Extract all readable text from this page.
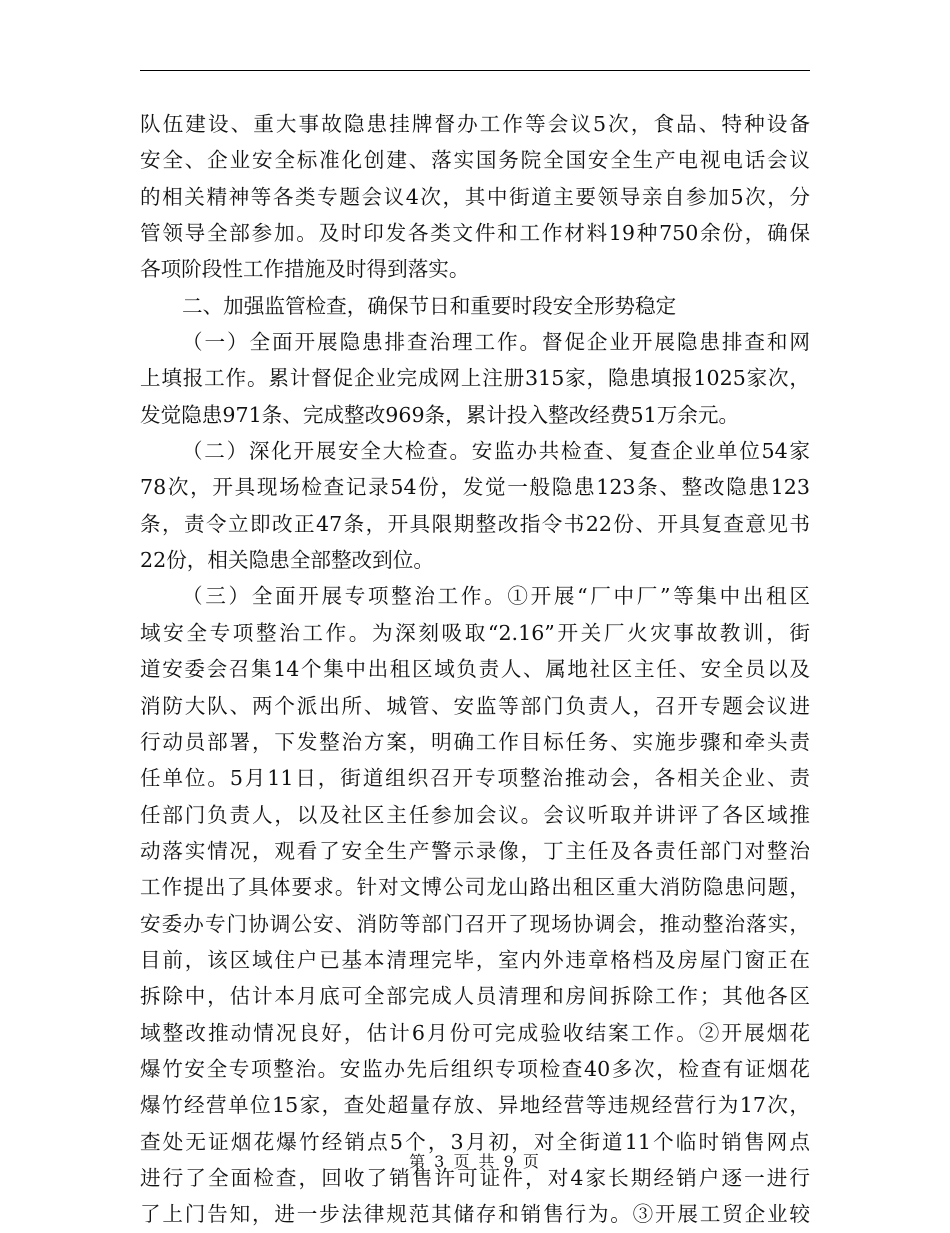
队伍建设、重大事故隐患挂牌督办工作等会议5次，食品、特种设备
安全、企业安全标准化创建、落实国务院全国安全生产电视电话会议
的相关精神等各类专题会议4次，其中街道主要领导亲自参加5次，分
管领导全部参加。及时印发各类文件和工作材料19种750余份，确保
各项阶段性工作措施及时得到落实。
二、加强监管检查，确保节日和重要时段安全形势稳定
（一）全面开展隐患排查治理工作。督促企业开展隐患排查和网
上填报工作。累计督促企业完成网上注册315家，隐患填报1025家次，
发觉隐患971条、完成整改969条，累计投入整改经费51万余元。
（二）深化开展安全大检查。安监办共检查、复查企业单位54家
78次，开具现场检查记录54份，发觉一般隐患123条、整改隐患123
条，责令立即改正47条，开具限期整改指令书22份、开具复查意见书
22份，相关隐患全部整改到位。
（三）全面开展专项整治工作。①开展“厂中厂”等集中出租区
域安全专项整治工作。为深刻吸取“2.16”开关厂火灾事故教训，街
道安委会召集14个集中出租区域负责人、属地社区主任、安全员以及
消防大队、两个派出所、城管、安监等部门负责人，召开专题会议进
行动员部署，下发整治方案，明确工作目标任务、实施步骤和牵头责
任单位。5月11日，街道组织召开专项整治推动会，各相关企业、责
任部门负责人，以及社区主任参加会议。会议听取并讲评了各区域推
动落实情况，观看了安全生产警示录像，丁主任及各责任部门对整治
工作提出了具体要求。针对文博公司龙山路出租区重大消防隐患问题，
安委办专门协调公安、消防等部门召开了现场协调会，推动整治落实，
目前，该区域住户已基本清理完毕，室内外违章格档及房屋门窗正在
拆除中，估计本月底可全部完成人员清理和房间拆除工作；其他各区
域整改推动情况良好，估计6月份可完成验收结案工作。②开展烟花
爆竹安全专项整治。安监办先后组织专项检查40多次，检查有证烟花
爆竹经营单位15家，查处超量存放、异地经营等违规经营行为17次，
查处无证烟花爆竹经销点5个，3月初，对全街道11个临时销售网点
进行了全面检查，回收了销售许可证件，对4家长期经销户逐一进行
了上门告知，进一步法律规范其储存和销售行为。③开展工贸企业较
第 3 页 共 9 页
